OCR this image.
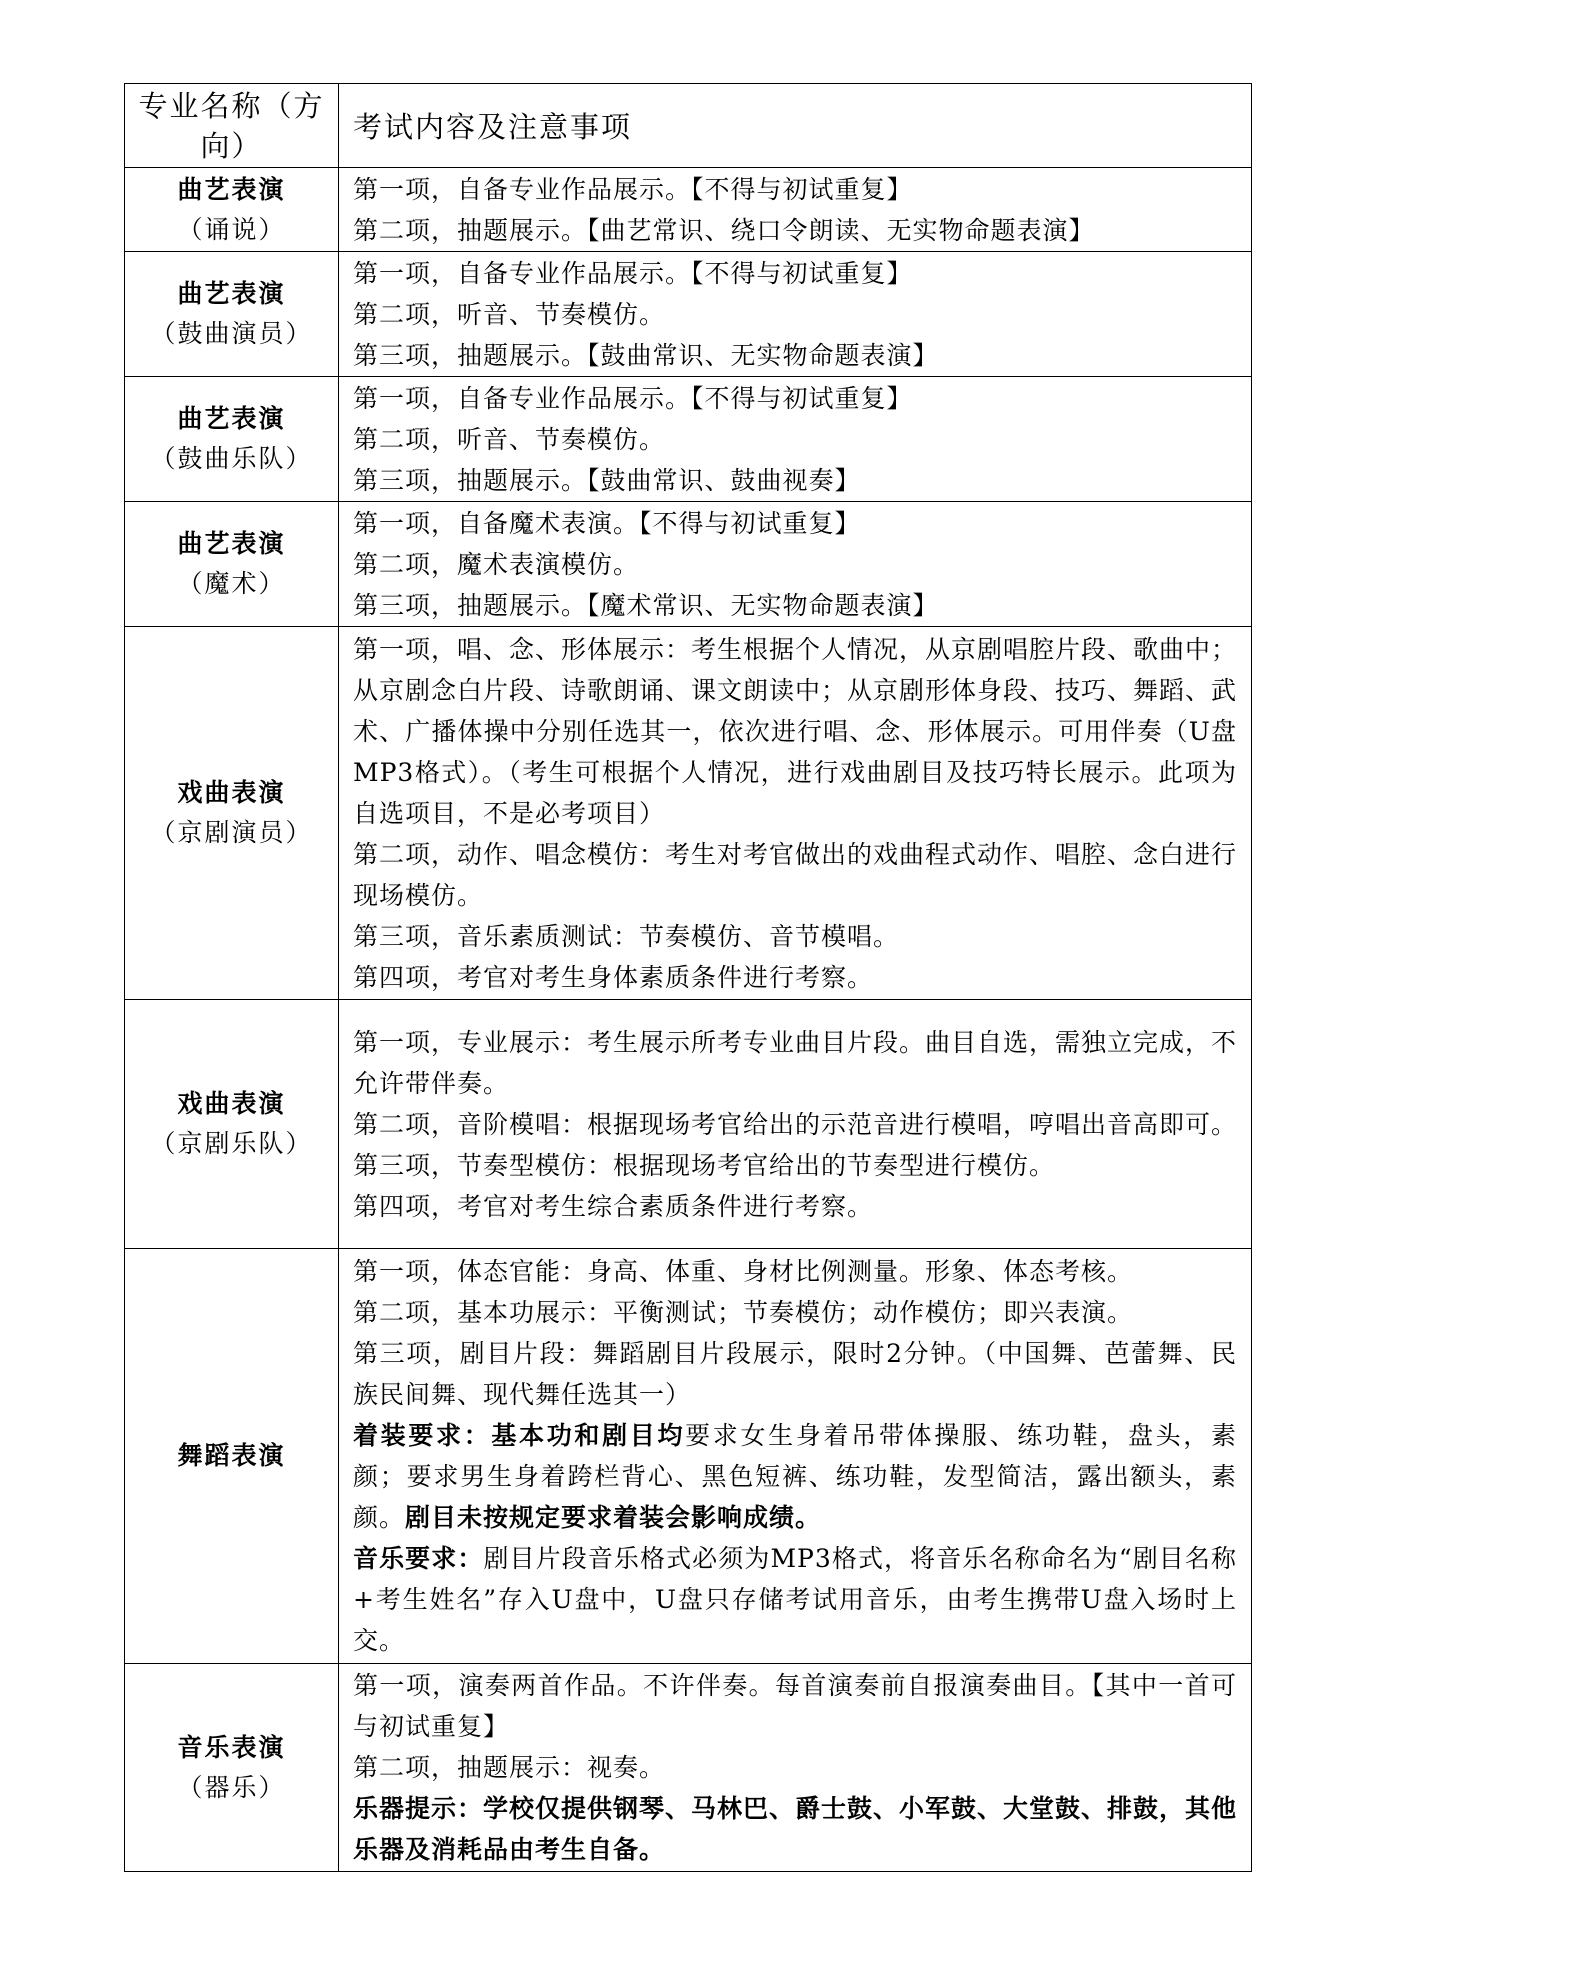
专业名称（方向）	考试内容及注意事项

曲艺表演
（诵说）	第一项，自备专业作品展示。【不得与初试重复】
第二项，抽题展示。【曲艺常识、绕口令朗读、无实物命题表演】

曲艺表演
（鼓曲演员）	第一项，自备专业作品展示。【不得与初试重复】
第二项，听音、节奏模仿。
第三项，抽题展示。【鼓曲常识、无实物命题表演】

曲艺表演
（鼓曲乐队）	第一项，自备专业作品展示。【不得与初试重复】
第二项，听音、节奏模仿。
第三项，抽题展示。【鼓曲常识、鼓曲视奏】

曲艺表演
（魔术）	第一项，自备魔术表演。【不得与初试重复】
第二项，魔术表演模仿。
第三项，抽题展示。【魔术常识、无实物命题表演】

戏曲表演
（京剧演员）	第一项，唱、念、形体展示：考生根据个人情况，从京剧唱腔片段、歌曲中；从京剧念白片段、诗歌朗诵、课文朗读中；从京剧形体身段、技巧、舞蹈、武术、广播体操中分别任选其一，依次进行唱、念、形体展示。可用伴奏（U盘MP3格式）。（考生可根据个人情况，进行戏曲剧目及技巧特长展示。此项为自选项目，不是必考项目）
第二项，动作、唱念模仿：考生对考官做出的戏曲程式动作、唱腔、念白进行现场模仿。
第三项，音乐素质测试：节奏模仿、音节模唱。
第四项，考官对考生身体素质条件进行考察。

戏曲表演
（京剧乐队）	第一项，专业展示：考生展示所考专业曲目片段。曲目自选，需独立完成，不允许带伴奏。
第二项，音阶模唱：根据现场考官给出的示范音进行模唱，哼唱出音高即可。
第三项，节奏型模仿：根据现场考官给出的节奏型进行模仿。
第四项，考官对考生综合素质条件进行考察。

舞蹈表演	第一项，体态官能：身高、体重、身材比例测量。形象、体态考核。
第二项，基本功展示：平衡测试；节奏模仿；动作模仿；即兴表演。
第三项，剧目片段：舞蹈剧目片段展示，限时2分钟。（中国舞、芭蕾舞、民族民间舞、现代舞任选其一）
着装要求：基本功和剧目均要求女生身着吊带体操服、练功鞋，盘头，素颜；要求男生身着跨栏背心、黑色短裤、练功鞋，发型简洁，露出额头，素颜。剧目未按规定要求着装会影响成绩。
音乐要求：剧目片段音乐格式必须为MP3格式，将音乐名称命名为“剧目名称+考生姓名”存入U盘中，U盘只存储考试用音乐，由考生携带U盘入场时上交。

音乐表演
（器乐）	第一项，演奏两首作品。不许伴奏。每首演奏前自报演奏曲目。【其中一首可与初试重复】
第二项，抽题展示：视奏。
乐器提示：学校仅提供钢琴、马林巴、爵士鼓、小军鼓、大堂鼓、排鼓，其他乐器及消耗品由考生自备。
